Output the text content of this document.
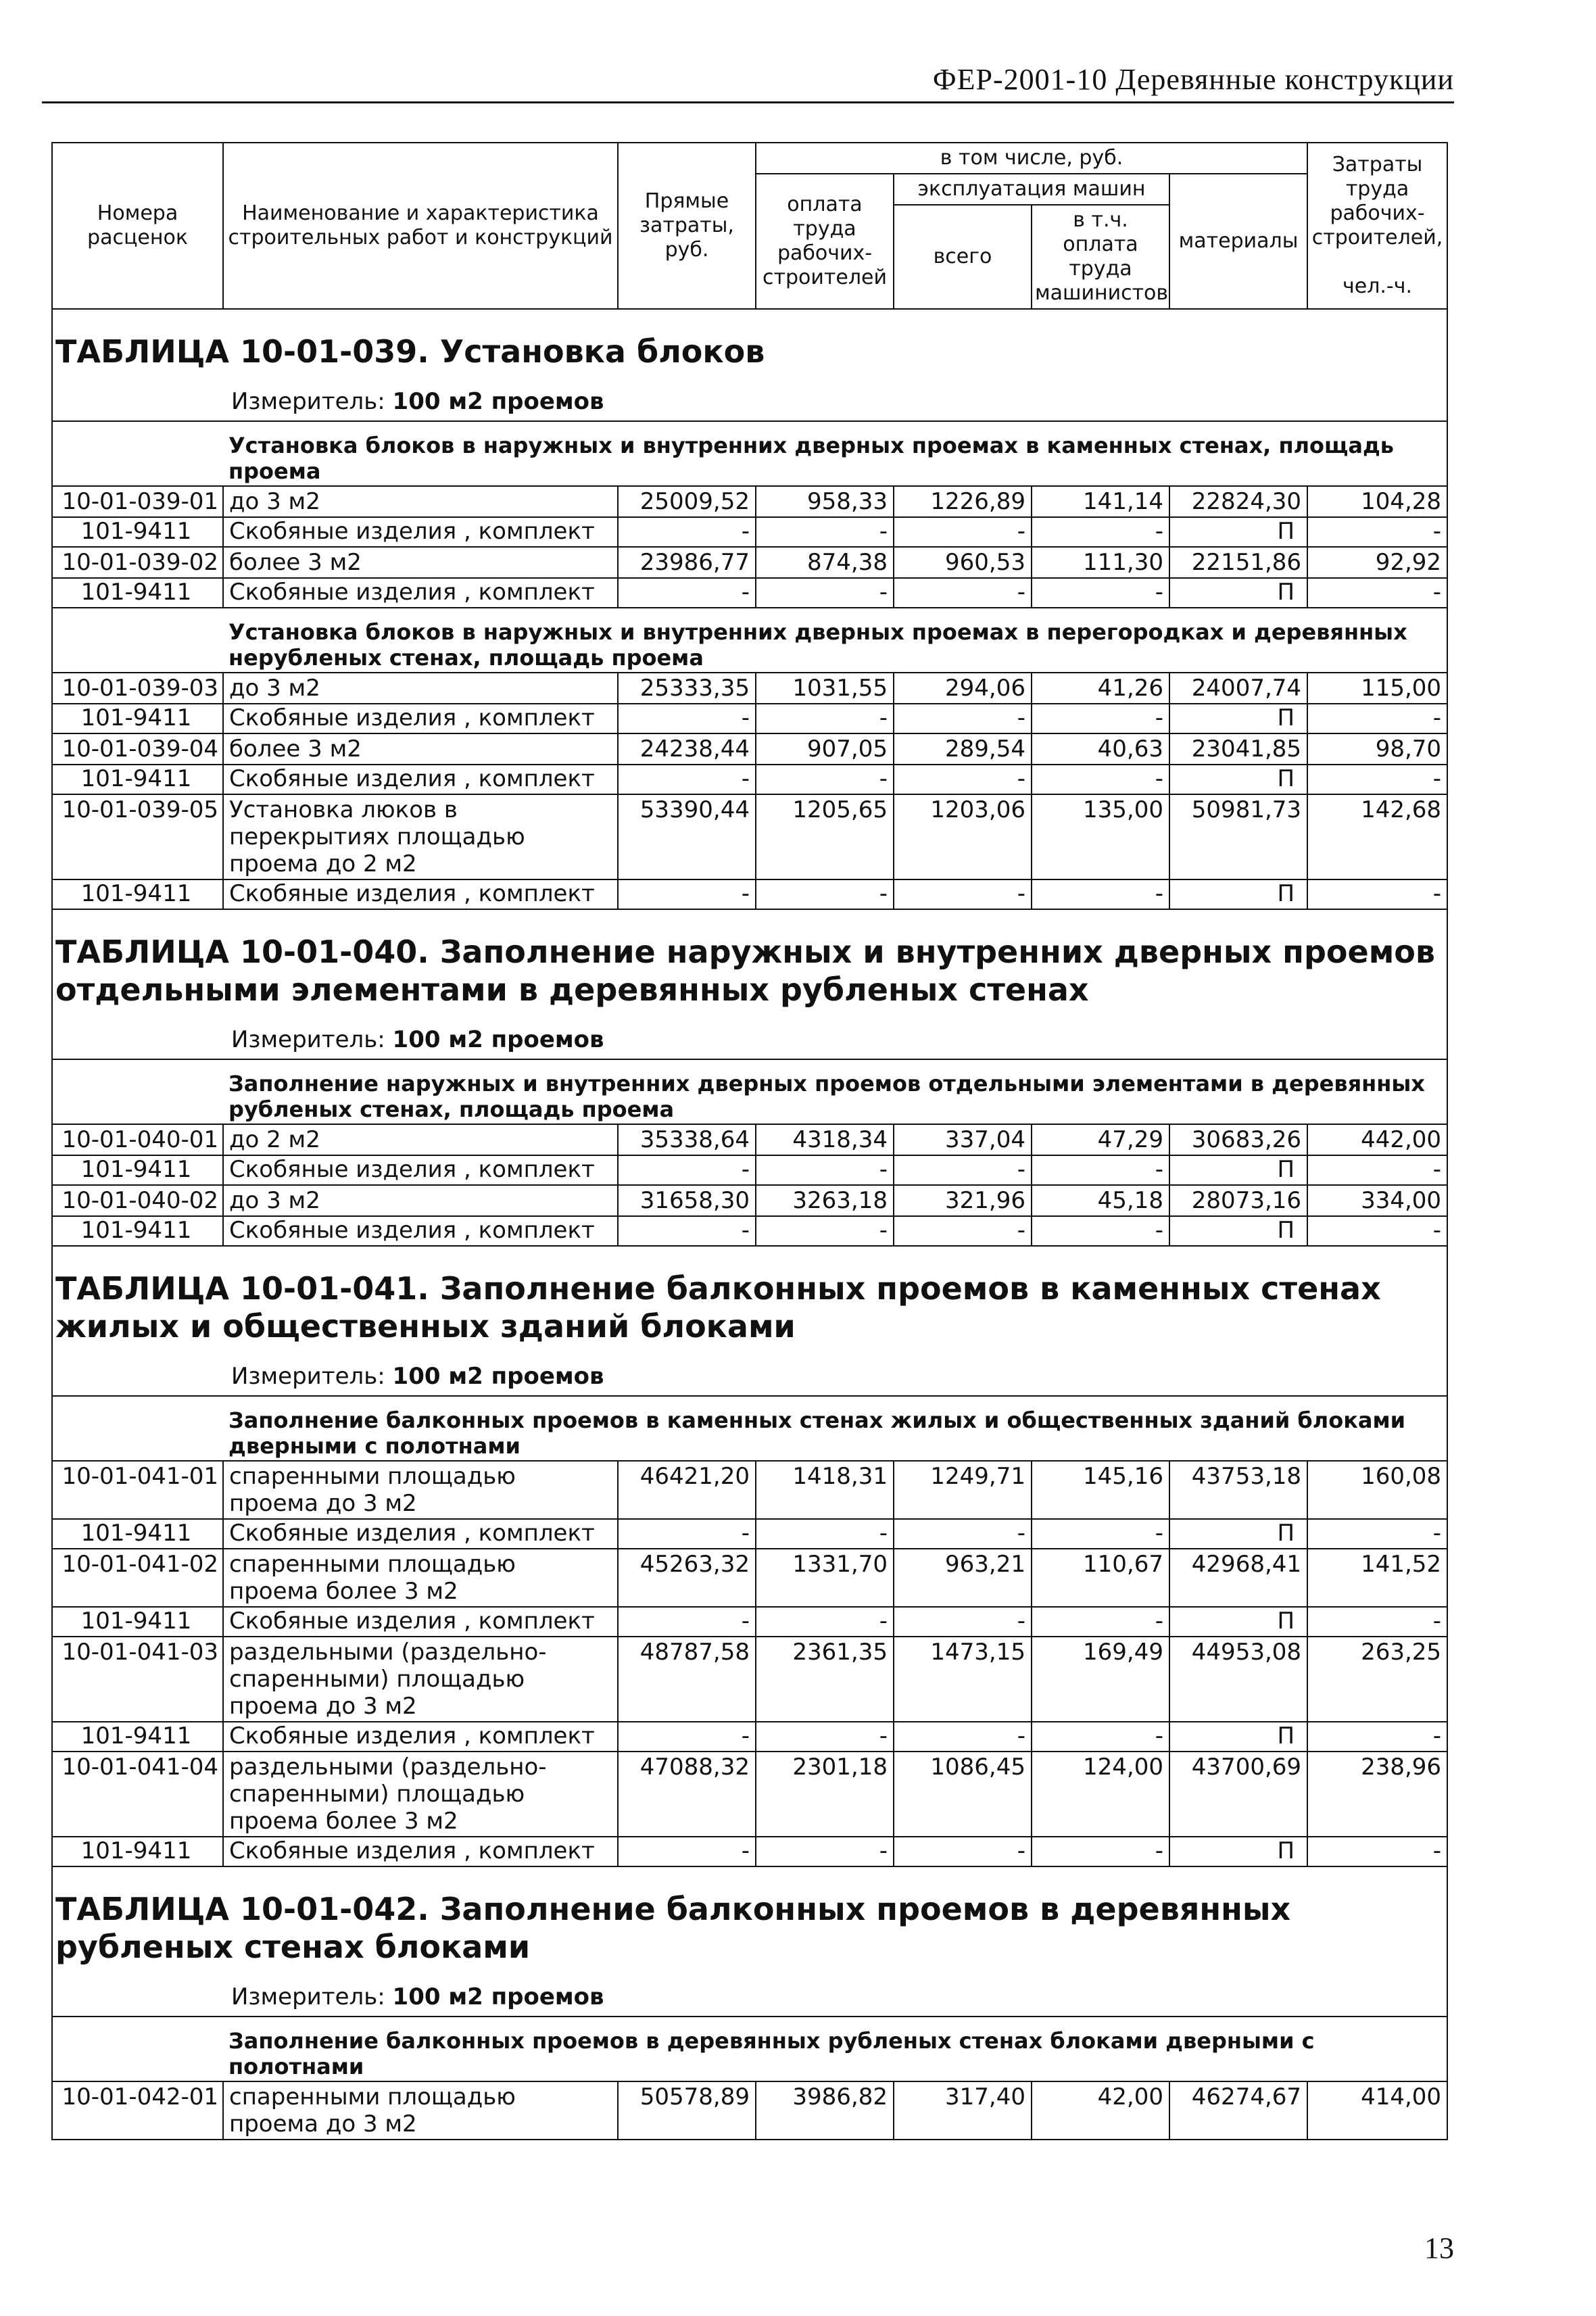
ФЕР-2001-10 Деревянные конструкции
Номера расценок	Наименование и характеристика строительных работ и конструкций	Прямые затраты, руб.	в том числе, руб.				Затраты труда рабочих-строителей,

чел.-ч.
			оплата труда рабочих-строителей	эксплуатация машин		материалы	
				всего	в т.ч. оплата труда машинистов		
ТАБЛИЦА 10-01-039. Установка блоков							
Измеритель: 100 м2 проемов							
	Установка блоков в наружных и внутренних дверных проемах в каменных стенах, площадь проема						
10-01-039-01	до 3 м2	25009,52	958,33	1226,89	141,14	22824,30	104,28
101-9411	Скобяные изделия , комплект	-	-	-	-	П	-
10-01-039-02	более 3 м2	23986,77	874,38	960,53	111,30	22151,86	92,92
101-9411	Скобяные изделия , комплект	-	-	-	-	П	-
	Установка блоков в наружных и внутренних дверных проемах в перегородках и деревянных нерубленых стенах, площадь проема						
10-01-039-03	до 3 м2	25333,35	1031,55	294,06	41,26	24007,74	115,00
101-9411	Скобяные изделия , комплект	-	-	-	-	П	-
10-01-039-04	более 3 м2	24238,44	907,05	289,54	40,63	23041,85	98,70
101-9411	Скобяные изделия , комплект	-	-	-	-	П	-
10-01-039-05	Установка люков в перекрытиях площадью проема до 2 м2	53390,44	1205,65	1203,06	135,00	50981,73	142,68
101-9411	Скобяные изделия , комплект	-	-	-	-	П	-
ТАБЛИЦА 10-01-040. Заполнение наружных и внутренних дверных проемов отдельными элементами в деревянных рубленых стенах							
Измеритель: 100 м2 проемов							
	Заполнение наружных и внутренних дверных проемов отдельными элементами в деревянных рубленых стенах, площадь проема						
10-01-040-01	до 2 м2	35338,64	4318,34	337,04	47,29	30683,26	442,00
101-9411	Скобяные изделия , комплект	-	-	-	-	П	-
10-01-040-02	до 3 м2	31658,30	3263,18	321,96	45,18	28073,16	334,00
101-9411	Скобяные изделия , комплект	-	-	-	-	П	-
ТАБЛИЦА 10-01-041. Заполнение балконных проемов в каменных стенах жилых и общественных зданий блоками							
Измеритель: 100 м2 проемов							
	Заполнение балконных проемов в каменных стенах жилых и общественных зданий блоками дверными с полотнами						
10-01-041-01	спаренными площадью проема до 3 м2	46421,20	1418,31	1249,71	145,16	43753,18	160,08
101-9411	Скобяные изделия , комплект	-	-	-	-	П	-
10-01-041-02	спаренными площадью проема более 3 м2	45263,32	1331,70	963,21	110,67	42968,41	141,52
101-9411	Скобяные изделия , комплект	-	-	-	-	П	-
10-01-041-03	раздельными (раздельно-спаренными) площадью проема до 3 м2	48787,58	2361,35	1473,15	169,49	44953,08	263,25
101-9411	Скобяные изделия , комплект	-	-	-	-	П	-
10-01-041-04	раздельными (раздельно-спаренными) площадью проема более 3 м2	47088,32	2301,18	1086,45	124,00	43700,69	238,96
101-9411	Скобяные изделия , комплект	-	-	-	-	П	-
ТАБЛИЦА 10-01-042. Заполнение балконных проемов в деревянных рубленых стенах блоками							
Измеритель: 100 м2 проемов							
	Заполнение балконных проемов в деревянных рубленых стенах блоками дверными с полотнами						
10-01-042-01	спаренными площадью проема до 3 м2	50578,89	3986,82	317,40	42,00	46274,67	414,00
13
